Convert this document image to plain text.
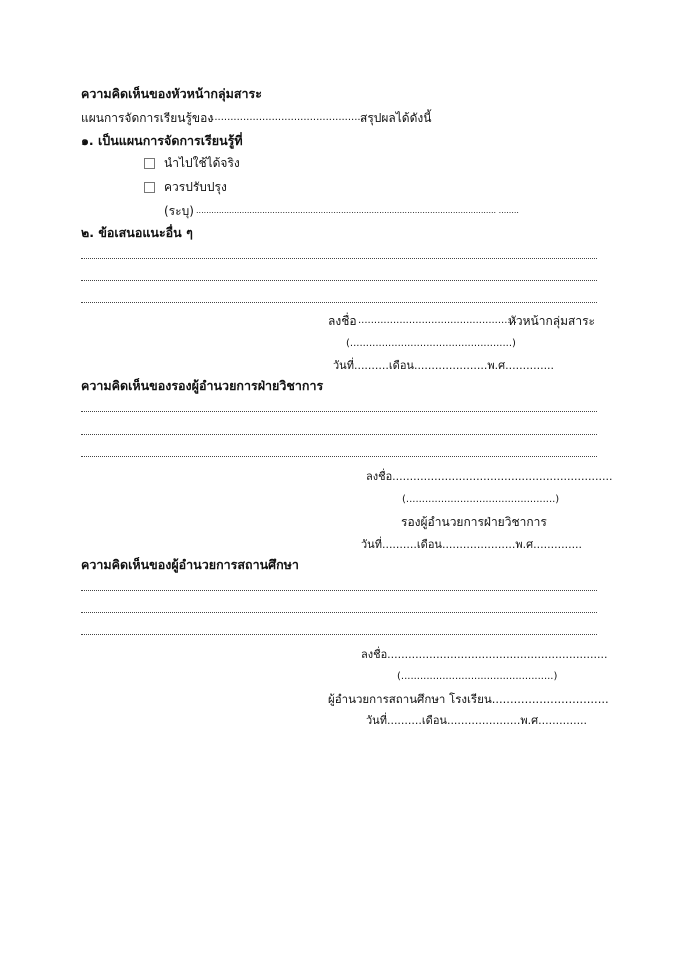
ความคิดเห็นของหัวหน้ากลุ่มสาระ
แผนการจัดการเรียนรู้ของ
..................................................
สรุปผลได้ดังนี้
๑. เป็นแผนการจัดการเรียนรู้ที่
นำไปใช้ได้จริง
ควรปรับปรุง
(ระบุ) ...................................................................................................................... ........
๒. ข้อเสนอแนะอื่น ๆ
ลงชื่อ ..................................................
หัวหน้ากลุ่มสาระ
(...................................................)
วันที่..........เดือน.....................พ.ศ..............
ความคิดเห็นของรองผู้อำนวยการฝ่ายวิชาการ
ลงชื่อ...............................................................
(...............................................)
รองผู้อำนวยการฝ่ายวิชาการ
วันที่..........เดือน.....................พ.ศ..............
ความคิดเห็นของผู้อำนวยการสถานศึกษา
ลงชื่อ...............................................................
(................................................)
ผู้อำนวยการสถานศึกษา โรงเรียน................................
วันที่..........เดือน.....................พ.ศ..............
